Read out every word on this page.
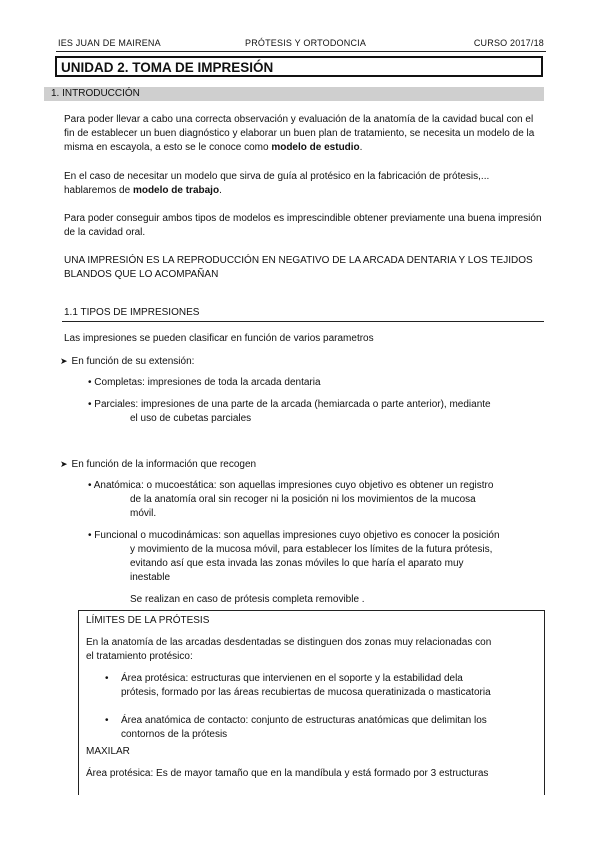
IES JUAN DE MAIRENA	PRÓTESIS Y ORTODONCIA	CURSO 2017/18
UNIDAD 2. TOMA DE IMPRESIÓN
1. INTRODUCCIÓN

Para poder llevar a cabo una correcta observación y evaluación de la anatomía de la cavidad bucal con el fin de establecer un buen diagnóstico y elaborar un buen plan de tratamiento, se necesita un modelo de la misma en escayola, a esto se le conoce como modelo de estudio.

En el caso de necesitar un modelo que sirva de guía al protésico en la fabricación de prótesis,... hablaremos de modelo de trabajo.

Para poder conseguir ambos tipos de modelos es imprescindible obtener previamente una buena impresión de la cavidad oral.

UNA IMPRESIÓN ES LA REPRODUCCIÓN EN NEGATIVO DE LA ARCADA DENTARIA Y LOS TEJIDOS BLANDOS QUE LO ACOMPAÑAN

1.1 TIPOS DE IMPRESIONES

Las impresiones se pueden clasificar en función de varios parametros

➤ En función de su extensión:

• Completas: impresiones de toda la arcada dentaria

• Parciales: impresiones de una parte de la arcada (hemiarcada o parte anterior), mediante

el uso de cubetas parciales

➤ En función de la información que recogen

• Anatómica: o mucoestática: son aquellas impresiones cuyo objetivo es obtener un registro

de la anatomía oral sin recoger ni la posición ni los movimientos de la mucosa

móvil.

• Funcional o mucodinámicas: son aquellas impresiones cuyo objetivo es conocer la posición

y movimiento de la mucosa móvil, para establecer los límites de la futura prótesis,

evitando así que esta invada las zonas móviles lo que haría el aparato muy

inestable

Se realizan en caso de prótesis completa removible .

LÍMITES DE LA PRÓTESIS

En la anatomía de las arcadas desdentadas se distinguen dos zonas muy relacionadas con

el tratamiento protésico:

• Área protésica: estructuras que intervienen en el soporte y la estabilidad dela

prótesis, formado por las áreas recubiertas de mucosa queratinizada o masticatoria

• Área anatómica de contacto: conjunto de estructuras anatómicas que delimitan los

contornos de la prótesis

MAXILAR

Área protésica: Es de mayor tamaño que en la mandíbula y está formado por 3 estructuras
